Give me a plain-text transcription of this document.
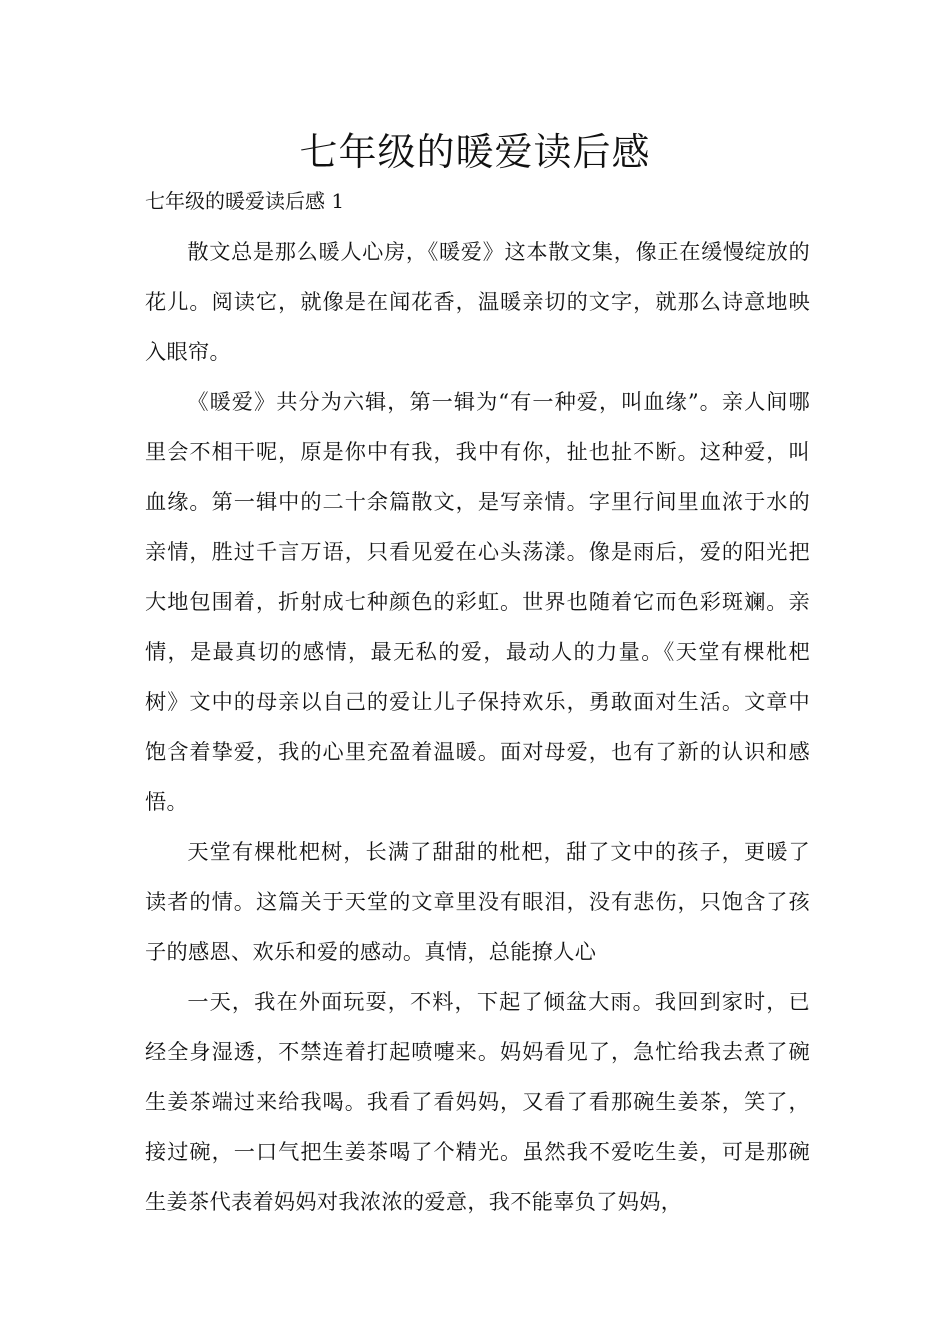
七年级的暖爱读后感

七年级的暖爱读后感 1

散文总是那么暖人心房，《暖爱》这本散文集，像正在缓慢绽放的花儿。阅读它，就像是在闻花香，温暖亲切的文字，就那么诗意地映入眼帘。

《暖爱》共分为六辑，第一辑为“有一种爱，叫血缘”。亲人间哪里会不相干呢，原是你中有我，我中有你，扯也扯不断。这种爱，叫血缘。第一辑中的二十余篇散文，是写亲情。字里行间里血浓于水的亲情，胜过千言万语，只看见爱在心头荡漾。像是雨后，爱的阳光把大地包围着，折射成七种颜色的彩虹。世界也随着它而色彩斑斓。亲情，是最真切的感情，最无私的爱，最动人的力量。《天堂有棵枇杷树》文中的母亲以自己的爱让儿子保持欢乐，勇敢面对生活。文章中饱含着挚爱，我的心里充盈着温暖。面对母爱，也有了新的认识和感悟。

天堂有棵枇杷树，长满了甜甜的枇杷，甜了文中的孩子，更暖了读者的情。这篇关于天堂的文章里没有眼泪，没有悲伤，只饱含了孩子的感恩、欢乐和爱的感动。真情，总能撩人心

一天，我在外面玩耍，不料，下起了倾盆大雨。我回到家时，已经全身湿透，不禁连着打起喷嚏来。妈妈看见了，急忙给我去煮了碗生姜茶端过来给我喝。我看了看妈妈，又看了看那碗生姜茶，笑了，接过碗，一口气把生姜茶喝了个精光。虽然我不爱吃生姜，可是那碗生姜茶代表着妈妈对我浓浓的爱意，我不能辜负了妈妈，
